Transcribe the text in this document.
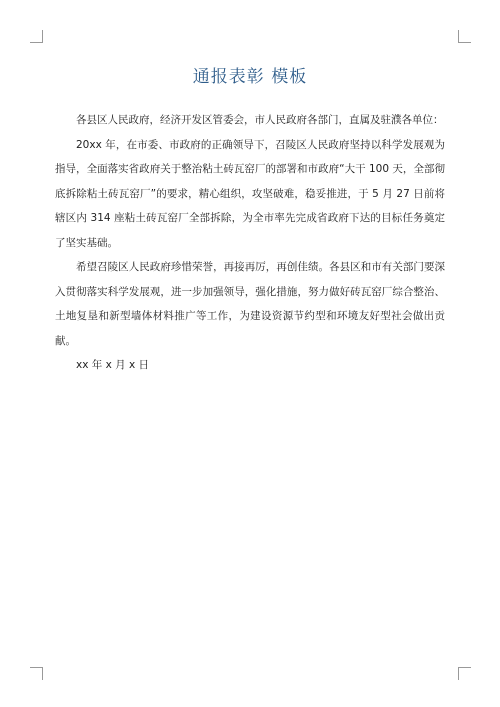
通报表彰 模板

各县区人民政府，经济开发区管委会，市人民政府各部门，直属及驻濮各单位：

20xx 年，在市委、市政府的正确领导下，召陵区人民政府坚持以科学发展观为指导，全面落实省政府关于整治粘土砖瓦窑厂的部署和市政府“大干 100 天，全部彻底拆除粘土砖瓦窑厂”的要求，精心组织，攻坚破难，稳妥推进，于 5 月 27 日前将辖区内 314 座粘土砖瓦窑厂全部拆除，为全市率先完成省政府下达的目标任务奠定了坚实基础。

希望召陵区人民政府珍惜荣誉，再接再厉，再创佳绩。各县区和市有关部门要深入贯彻落实科学发展观，进一步加强领导，强化措施，努力做好砖瓦窑厂综合整治、土地复垦和新型墙体材料推广等工作，为建设资源节约型和环境友好型社会做出贡献。

xx 年 x 月 x 日
